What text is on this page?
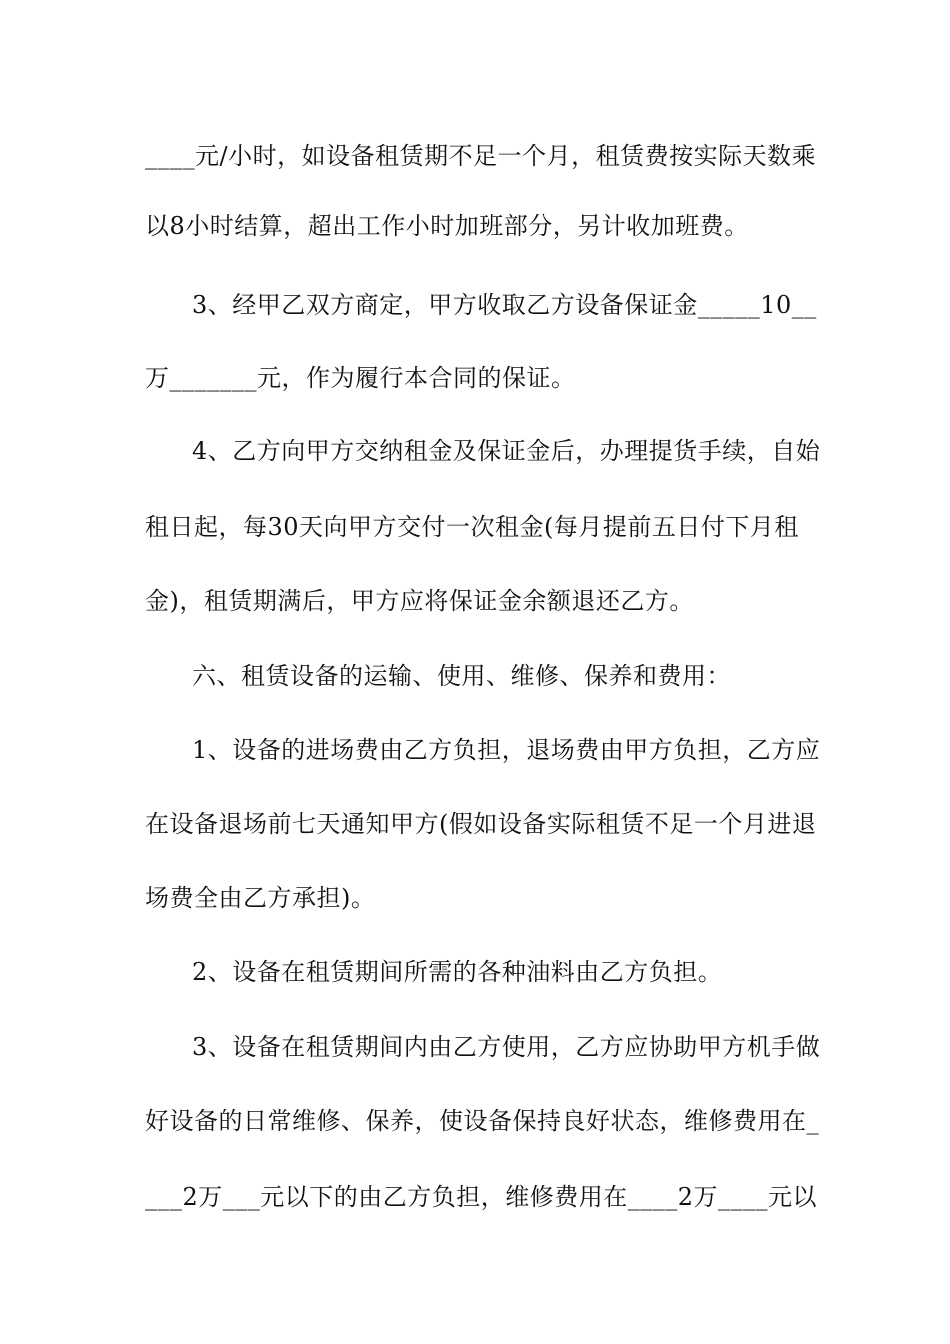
____元/小时，如设备租赁期不足一个月，租赁费按实际天数乘
以8小时结算，超出工作小时加班部分，另计收加班费。
3、经甲乙双方商定，甲方收取乙方设备保证金_____10__
万_______元，作为履行本合同的保证。
4、乙方向甲方交纳租金及保证金后，办理提货手续，自始
租日起，每30天向甲方交付一次租金(每月提前五日付下月租
金)，租赁期满后，甲方应将保证金余额退还乙方。
六、租赁设备的运输、使用、维修、保养和费用：
1、设备的进场费由乙方负担，退场费由甲方负担，乙方应
在设备退场前七天通知甲方(假如设备实际租赁不足一个月进退
场费全由乙方承担)。
2、设备在租赁期间所需的各种油料由乙方负担。
3、设备在租赁期间内由乙方使用，乙方应协助甲方机手做
好设备的日常维修、保养，使设备保持良好状态，维修费用在_
___2万___元以下的由乙方负担，维修费用在____2万____元以
